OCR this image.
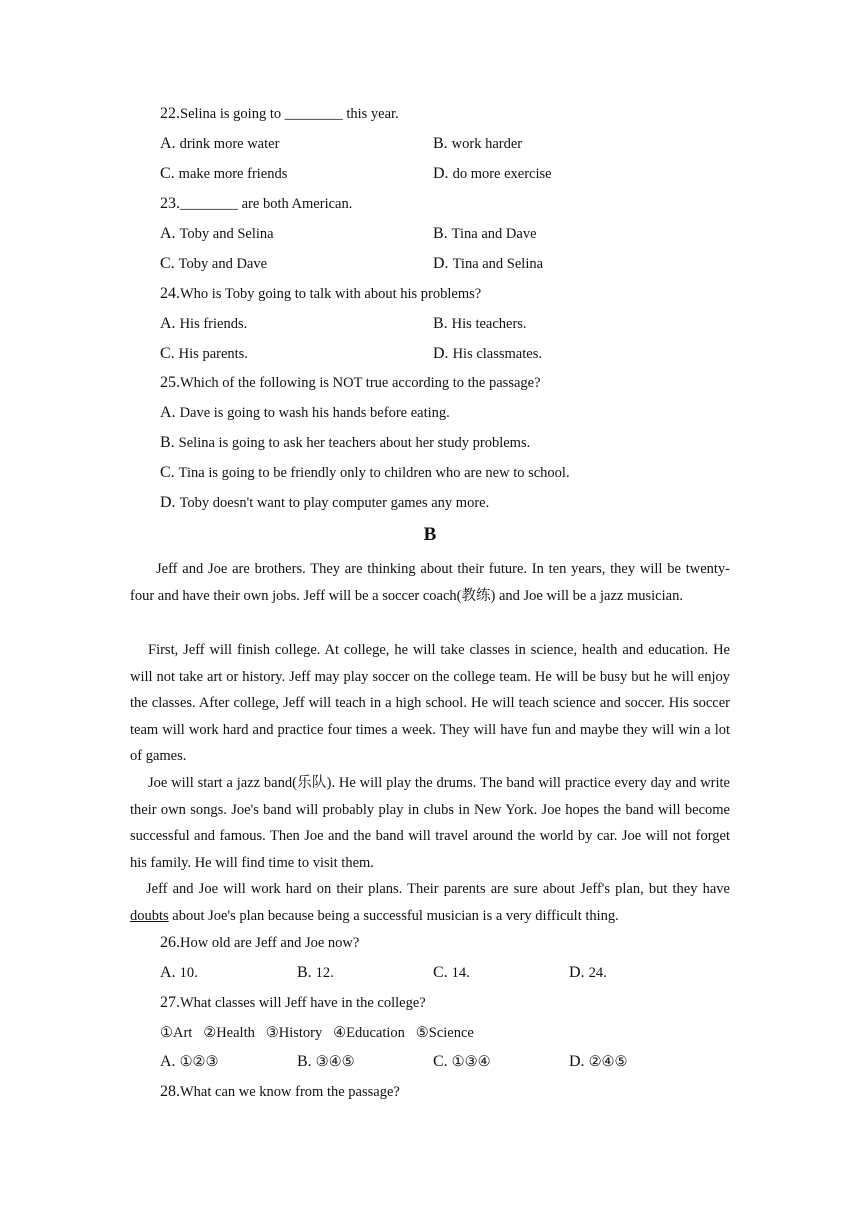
22.Selina is going to ________ this year.
A. drink more water	B. work harder
C. make more friends	D. do more exercise
23.________ are both American.
A. Toby and Selina	B. Tina and Dave
C. Toby and Dave	D. Tina and Selina
24.Who is Toby going to talk with about his problems?
A. His friends.	B. His teachers.
C. His parents.	D. His classmates.
25.Which of the following is NOT true according to the passage?
A. Dave is going to wash his hands before eating.
B. Selina is going to ask her teachers about her study problems.
C. Tina is going to be friendly only to children who are new to school.
D. Toby doesn't want to play computer games any more.
B
Jeff and Joe are brothers. They are thinking about their future. In ten years, they will be twenty-four and have their own jobs. Jeff will be a soccer coach(教练) and Joe will be a jazz musician.
First, Jeff will finish college. At college, he will take classes in science, health and education. He will not take art or history. Jeff may play soccer on the college team. He will be busy but he will enjoy the classes. After college, Jeff will teach in a high school. He will teach science and soccer. His soccer team will work hard and practice four times a week. They will have fun and maybe they will win a lot of games.
Joe will start a jazz band(乐队). He will play the drums. The band will practice every day and write their own songs. Joe's band will probably play in clubs in New York. Joe hopes the band will become successful and famous. Then Joe and the band will travel around the world by car. Joe will not forget his family. He will find time to visit them.
Jeff and Joe will work hard on their plans. Their parents are sure about Jeff's plan, but they have doubts about Joe's plan because being a successful musician is a very difficult thing.
26.How old are Jeff and Joe now?
A. 10.	B. 12.	C. 14.	D. 24.
27.What classes will Jeff have in the college?
①Art   ②Health   ③History   ④Education   ⑤Science
A. ①②③	B. ③④⑤	C. ①③④	D. ②④⑤
28.What can we know from the passage?
